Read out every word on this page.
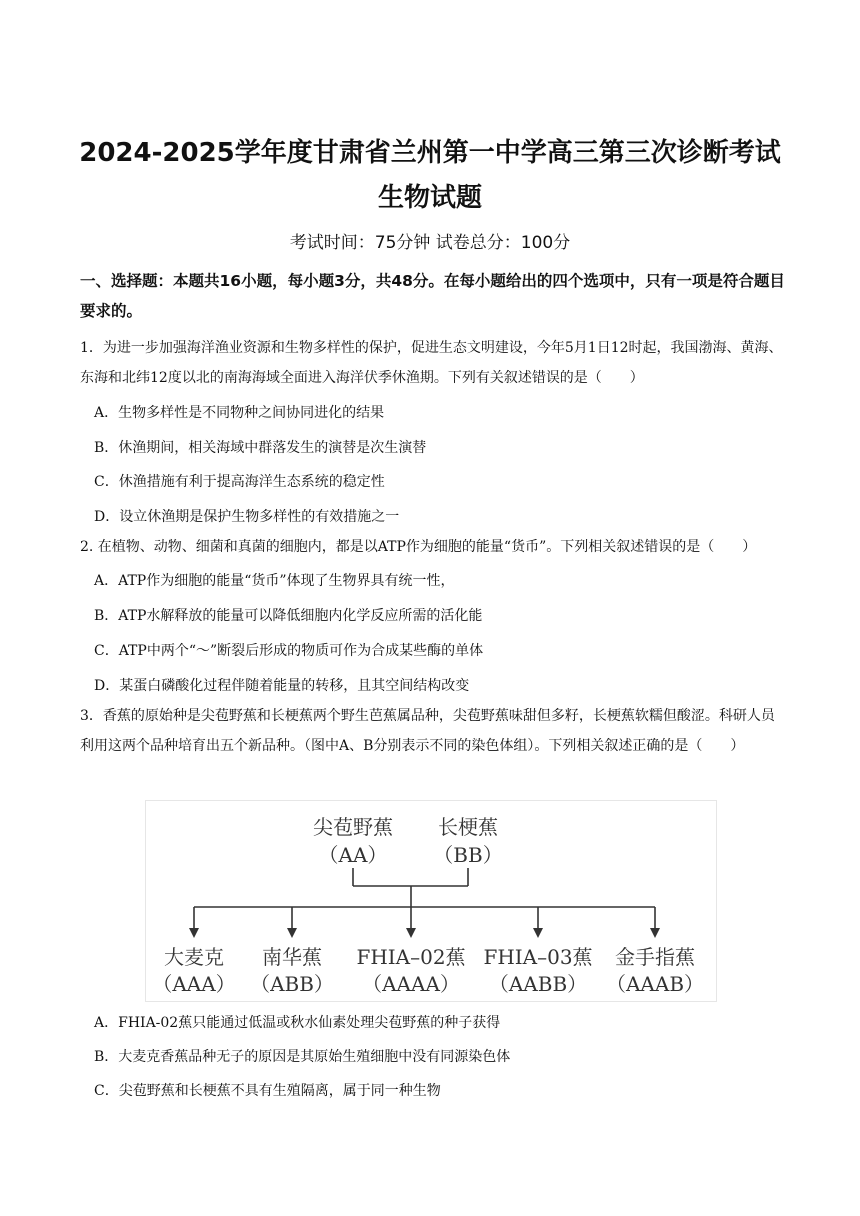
2024-2025学年度甘肃省兰州第一中学高三第三次诊断考试
生物试题
考试时间：75分钟 试卷总分：100分
一、选择题：本题共16小题，每小题3分，共48分。在每小题给出的四个选项中，只有一项是符合题目要求的。
1．为进一步加强海洋渔业资源和生物多样性的保护，促进生态文明建设，今年5月1日12时起，我国渤海、黄海、东海和北纬12度以北的南海海域全面进入海洋伏季休渔期。下列有关叙述错误的是（　　）
A．生物多样性是不同物种之间协同进化的结果
B．休渔期间，相关海域中群落发生的演替是次生演替
C．休渔措施有利于提高海洋生态系统的稳定性
D．设立休渔期是保护生物多样性的有效措施之一
2. 在植物、动物、细菌和真菌的细胞内，都是以ATP作为细胞的能量“货币”。下列相关叙述错误的是（　　）
A．ATP作为细胞的能量“货币”体现了生物界具有统一性，
B．ATP水解释放的能量可以降低细胞内化学反应所需的活化能
C．ATP中两个“～”断裂后形成的物质可作为合成某些酶的单体
D．某蛋白磷酸化过程伴随着能量的转移，且其空间结构改变
3．香蕉的原始种是尖苞野蕉和长梗蕉两个野生芭蕉属品种，尖苞野蕉味甜但多籽，长梗蕉软糯但酸涩。科研人员利用这两个品种培育出五个新品种。（图中A、B分别表示不同的染色体组）。下列相关叙述正确的是（　　）
尖苞野蕉
（AA）
长梗蕉
（BB）
大麦克
（AAA）
南华蕉
（ABB）
FHIA–02蕉
（AAAA）
FHIA–03蕉
（AABB）
金手指蕉
（AAAB）
A．FHIA-02蕉只能通过低温或秋水仙素处理尖苞野蕉的种子获得
B．大麦克香蕉品种无子的原因是其原始生殖细胞中没有同源染色体
C．尖苞野蕉和长梗蕉不具有生殖隔离，属于同一种生物
